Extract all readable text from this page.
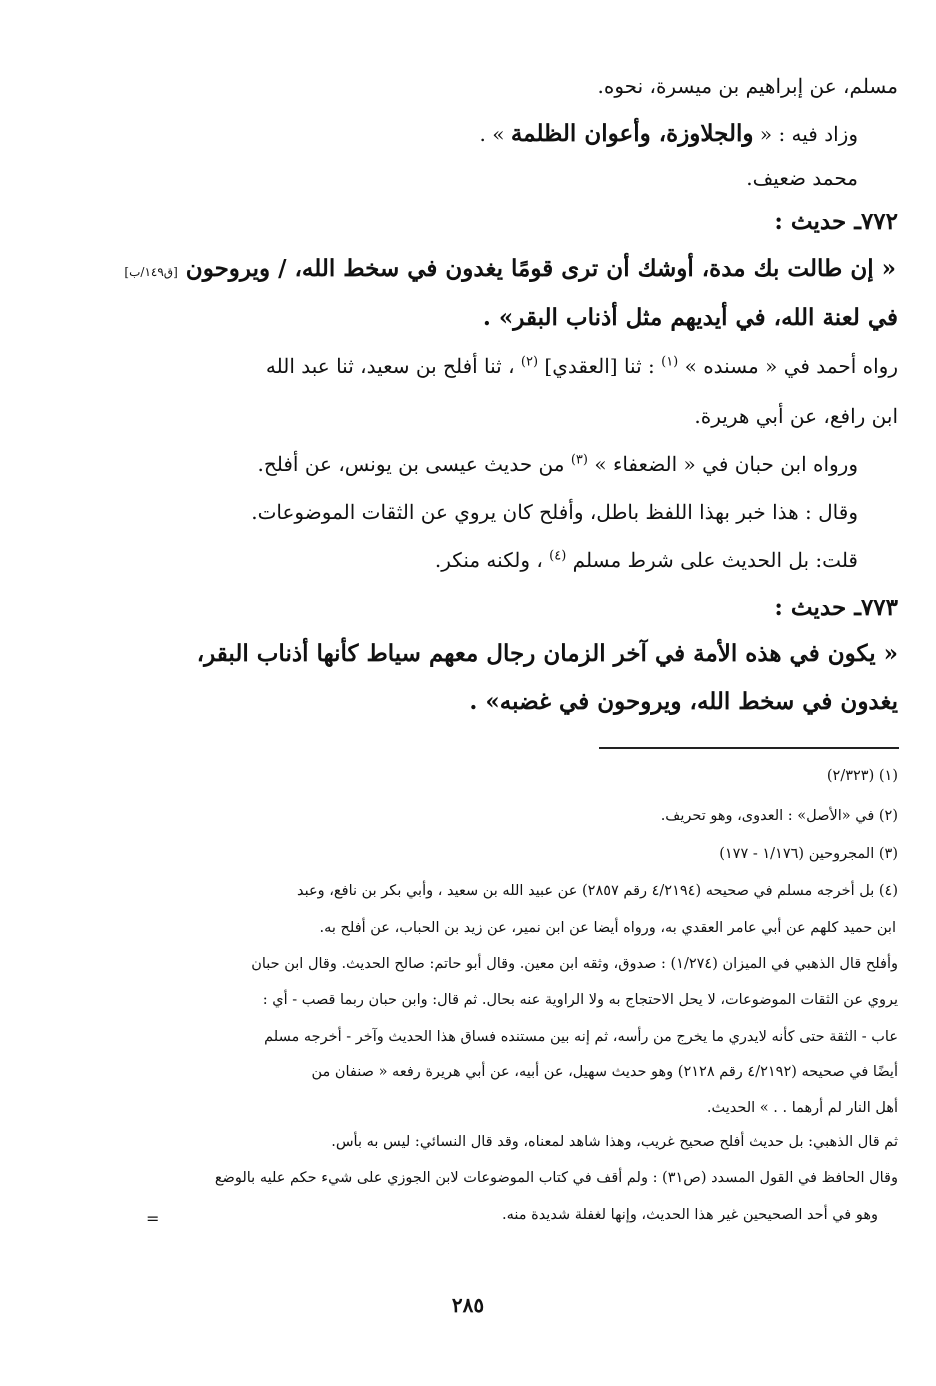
مسلم، عن إبراهيم بن ميسرة، نحوه.
وزاد فيه : « والجلاوزة، وأعوان الظلمة » .
محمد ضعيف.
٧٧٢ـ حديث :
« إن طالت بك مدة، أوشك أن ترى قومًا يغدون في سخط الله، / ويروحون [ق١٤٩/ب]
في لعنة الله، في أيديهم مثل أذناب البقر» .
رواه أحمد في « مسنده » $^{(١)}$ : ثنا [العقدي] $^{(٢)}$ ، ثنا أفلح بن سعيد، ثنا عبد الله
ابن رافع، عن أبي هريرة.
ورواه ابن حبان في « الضعفاء » $^{(٣)}$ من حديث عيسى بن يونس، عن أفلح.
وقال : هذا خبر بهذا اللفظ باطل، وأفلح كان يروي عن الثقات الموضوعات.
قلت: بل الحديث على شرط مسلم $^{(٤)}$ ، ولكنه منكر.
٧٧٣ـ حديث :
« يكون في هذه الأمة في آخر الزمان رجال معهم سياط كأنها أذناب البقر،
يغدون في سخط الله، ويروحون في غضبه» .
(١) (٢/٣٢٣)
(٢) في «الأصل» : العدوى، وهو تحريف.
(٣) المجروحين (١/١٧٦ - ١٧٧)
(٤) بل أخرجه مسلم في صحيحه (٤/٢١٩٤ رقم ٢٨٥٧) عن عبيد الله بن سعيد ، وأبي بكر بن نافع، وعبد
ابن حميد كلهم عن أبي عامر العقدي به، ورواه أيضا عن ابن نمير، عن زيد بن الحباب، عن أفلح به.
وأفلح قال الذهبي في الميزان (١/٢٧٤) : صدوق، وثقه ابن معين. وقال أبو حاتم: صالح الحديث. وقال ابن حبان
يروي عن الثقات الموضوعات، لا يحل الاحتجاج به ولا الراوية عنه بحال. ثم قال: وابن حبان ربما قصب - أي :
عاب - الثقة حتى كأنه لايدري ما يخرج من رأسه، ثم إنه بين مستنده فساق هذا الحديث وآخر - أخرجه مسلم
أيضًا في صحيحه (٤/٢١٩٢ رقم ٢١٢٨) وهو حديث سهيل، عن أبيه، عن أبي هريرة رفعه « صنفان من
أهل النار لم أرهما . . » الحديث.
ثم قال الذهبي: بل حديث أفلح صحيح غريب، وهذا شاهد لمعناه، وقد قال النسائي: ليس به بأس.
وقال الحافظ في القول المسدد (ص٣١) : ولم أقف في كتاب الموضوعات لابن الجوزي على شيء حكم عليه بالوضع
وهو في أحد الصحيحين غير هذا الحديث، وإنها لغفلة شديدة منه.
=
٢٨٥
